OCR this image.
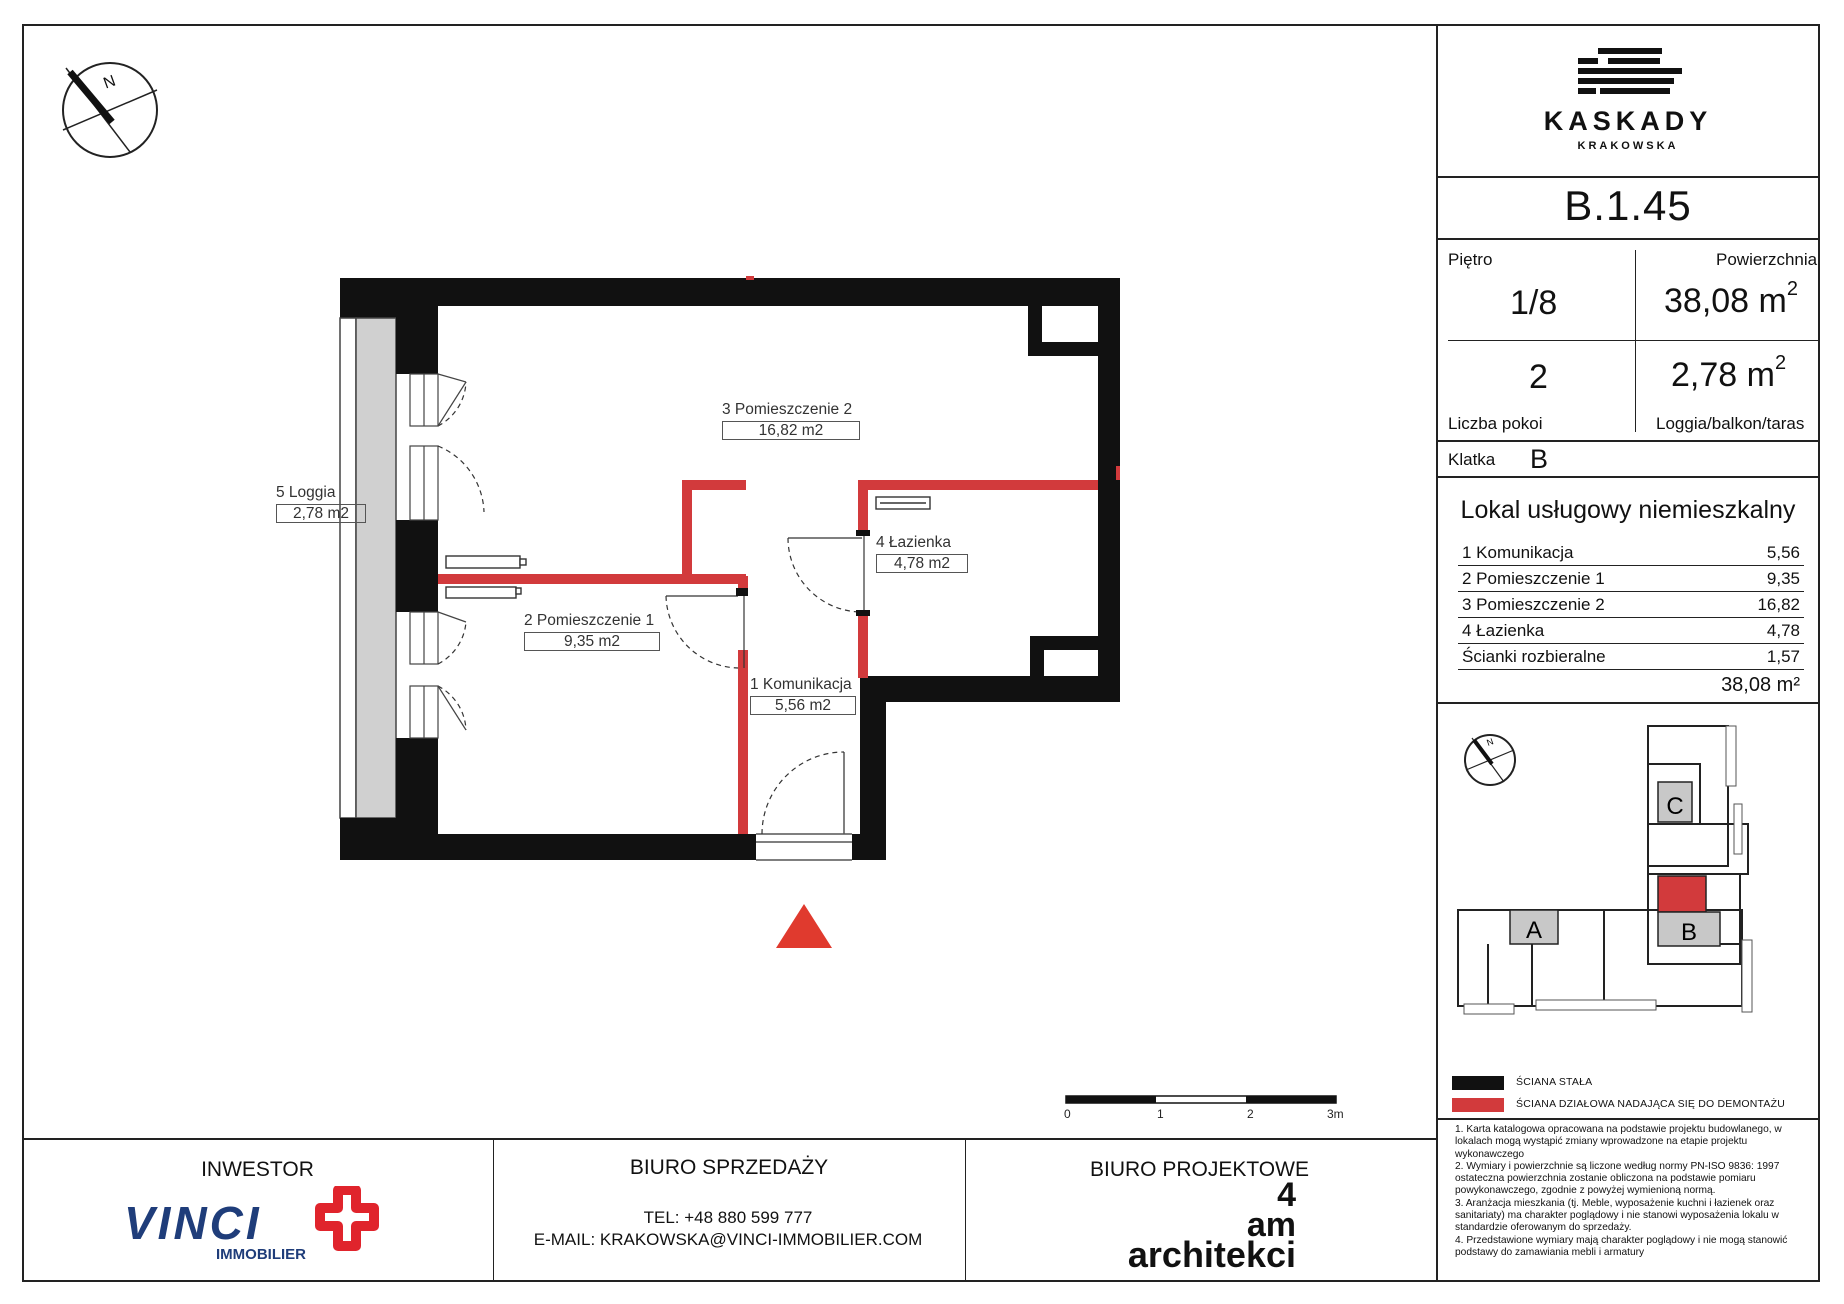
0	1	2	3m
N
3 Pomieszczenie 2
16,82 m2
5 Loggia
2,78 m2
4 Łazienka
4,78 m2
2 Pomieszczenie 1
9,35 m2
1 Komunikacja
5,56 m2
KASKADY
KRAKOWSKA
B.1.45
Piętro	Powierzchnia
1/8	38,08 $m^2$
2	2,78 $m^2$
Liczba pokoi	Loggia/balkon/taras
Klatka B
Lokal usługowy niemieszkalny
1 Komunikacja	5,56
2 Pomieszczenie 1	9,35
3 Pomieszczenie 2	16,82
4 Łazienka	4,78
Ścianki rozbieralne	1,57
38,08 m²
N
C
A	B
ŚCIANA STAŁA
ŚCIANA DZIAŁOWA NADAJĄCA SIĘ DO DEMONTAŻU
1. Karta katalogowa opracowana na podstawie projektu budowlanego, w lokalach mogą wystąpić zmiany wprowadzone na etapie projektu wykonawczego
2. Wymiary i powierzchnie są liczone według normy PN-ISO 9836: 1997 ostateczna powierzchnia zostanie obliczona na podstawie pomiaru powykonawczego, zgodnie z powyżej wymienioną normą.
3. Aranżacja mieszkania (tj. Meble, wyposażenie kuchni i łazienek oraz sanitariaty) ma charakter poglądowy i nie stanowi wyposażenia lokalu w standardzie oferowanym do sprzedaży.
4. Przedstawione wymiary mają charakter poglądowy i nie mogą stanowić podstawy do zamawiania mebli i armatury
INWESTOR
VINCI
IMMOBILIER
BIURO SPRZEDAŻY
TEL: +48 880 599 777
E-MAIL: KRAKOWSKA@VINCI-IMMOBILIER.COM
BIURO PROJEKTOWE
4
am
architekci
